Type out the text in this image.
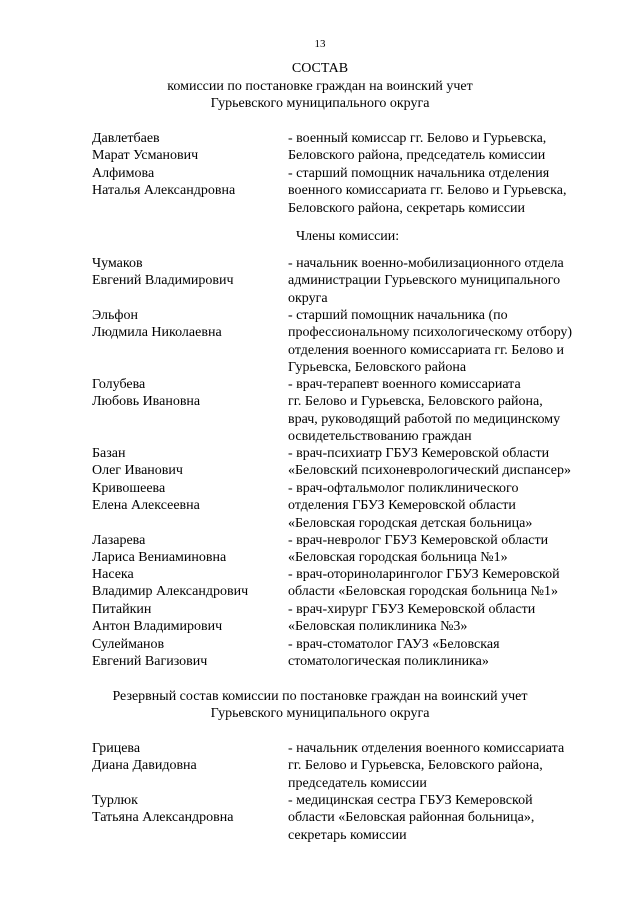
13
СОСТАВ
комиссии по постановке граждан на воинский учет
Гурьевского муниципального округа
Давлетбаев
Марат Усманович
- военный комиссар гг. Белово и Гурьевска,
Беловского района, председатель комиссии
Алфимова
Наталья Александровна
- старший помощник начальника отделения
военного комиссариата гг. Белово и Гурьевска,
Беловского района, секретарь комиссии
Члены комиссии:
Чумаков
Евгений Владимирович
- начальник военно-мобилизационного отдела
администрации Гурьевского муниципального
округа
Эльфон
Людмила Николаевна
- старший помощник начальника (по
профессиональному психологическому отбору)
отделения военного комиссариата гг. Белово и
Гурьевска, Беловского района
Голубева
Любовь Ивановна
- врач-терапевт военного комиссариата
гг. Белово и Гурьевска, Беловского района,
врач, руководящий работой по медицинскому
освидетельствованию граждан
Базан
Олег Иванович
- врач-психиатр ГБУЗ Кемеровской области
«Беловский психоневрологический диспансер»
Кривошеева
Елена Алексеевна
- врач-офтальмолог поликлинического
отделения ГБУЗ Кемеровской области
«Беловская городская детская больница»
Лазарева
Лариса Вениаминовна
- врач-невролог ГБУЗ Кемеровской области
«Беловская городская больница №1»
Насека
Владимир Александрович
- врач-оториноларинголог ГБУЗ Кемеровской
области «Беловская городская больница №1»
Питайкин
Антон Владимирович
- врач-хирург ГБУЗ Кемеровской области
«Беловская поликлиника №3»
Сулейманов
Евгений Вагизович
- врач-стоматолог ГАУЗ «Беловская
стоматологическая поликлиника»
Резервный состав комиссии по постановке граждан на воинский учет
Гурьевского муниципального округа
Грицева
Диана Давидовна
- начальник отделения военного комиссариата
гг. Белово и Гурьевска, Беловского района,
председатель комиссии
Турлюк
Татьяна Александровна
- медицинская сестра ГБУЗ Кемеровской
области «Беловская районная больница»,
секретарь комиссии
